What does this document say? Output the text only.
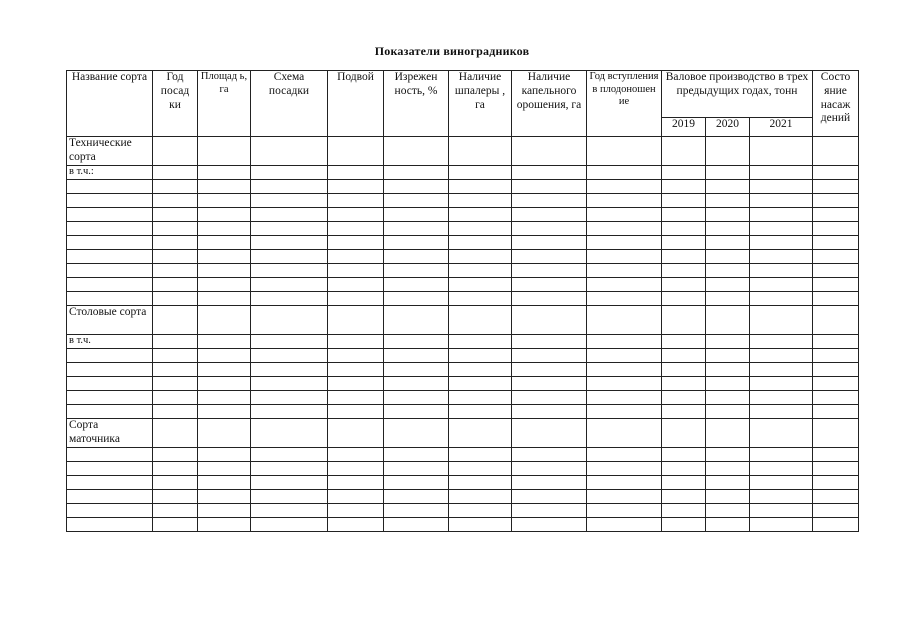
Показатели виноградников
Название сорта	Год посад ки	Площад ь, га	Схема посадки	Подвой	Изрежен ность, %	Наличие шпалеры , га	Наличие капельного орошения, га	Год вступления в плодоношен ие	Валовое производство в трех предыдущих годах, тонн			Состо яние насаж дений
									2019	2020	2021	
Технические сорта												
в т.ч.:												

Столовые сорта												
в т.ч.												

Сорта маточника												
